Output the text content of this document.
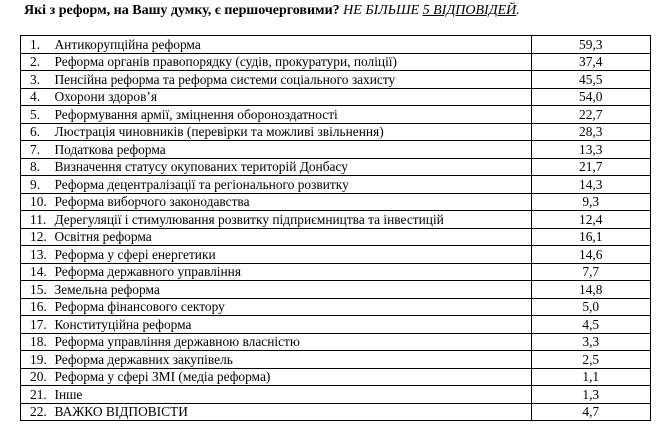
Які з реформ, на Вашу думку, є першочерговими? НЕ БІЛЬШЕ 5 ВІДПОВІДЕЙ.
1.	Антикорупційна реформа	59,3
2.	Реформа органів правопорядку (судів, прокуратури, поліції)	37,4
3.	Пенсійна реформа та реформа системи соціального захисту	45,5
4.	Охорони здоров’я	54,0
5.	Реформування армії, зміцнення обороноздатності	22,7
6.	Люстрація чиновників (перевірки та можливі звільнення)	28,3
7.	Податкова реформа	13,3
8.	Визначення статусу окупованих територій Донбасу	21,7
9.	Реформа децентралізації та регіонального розвитку	14,3
10.	Реформа виборчого законодавства	9,3
11.	Дерегуляції і стимулювання розвитку підприємництва та інвестицій	12,4
12.	Освітня реформа	16,1
13.	Реформа у сфері енергетики	14,6
14.	Реформа державного управління	7,7
15.	Земельна реформа	14,8
16.	Реформа фінансового сектору	5,0
17.	Конституційна реформа	4,5
18.	Реформа управління державною власністю	3,3
19.	Реформа державних закупівель	2,5
20.	Реформа у сфері ЗМІ (медіа реформа)	1,1
21.	Інше	1,3
22.	ВАЖКО ВІДПОВІСТИ	4,7
